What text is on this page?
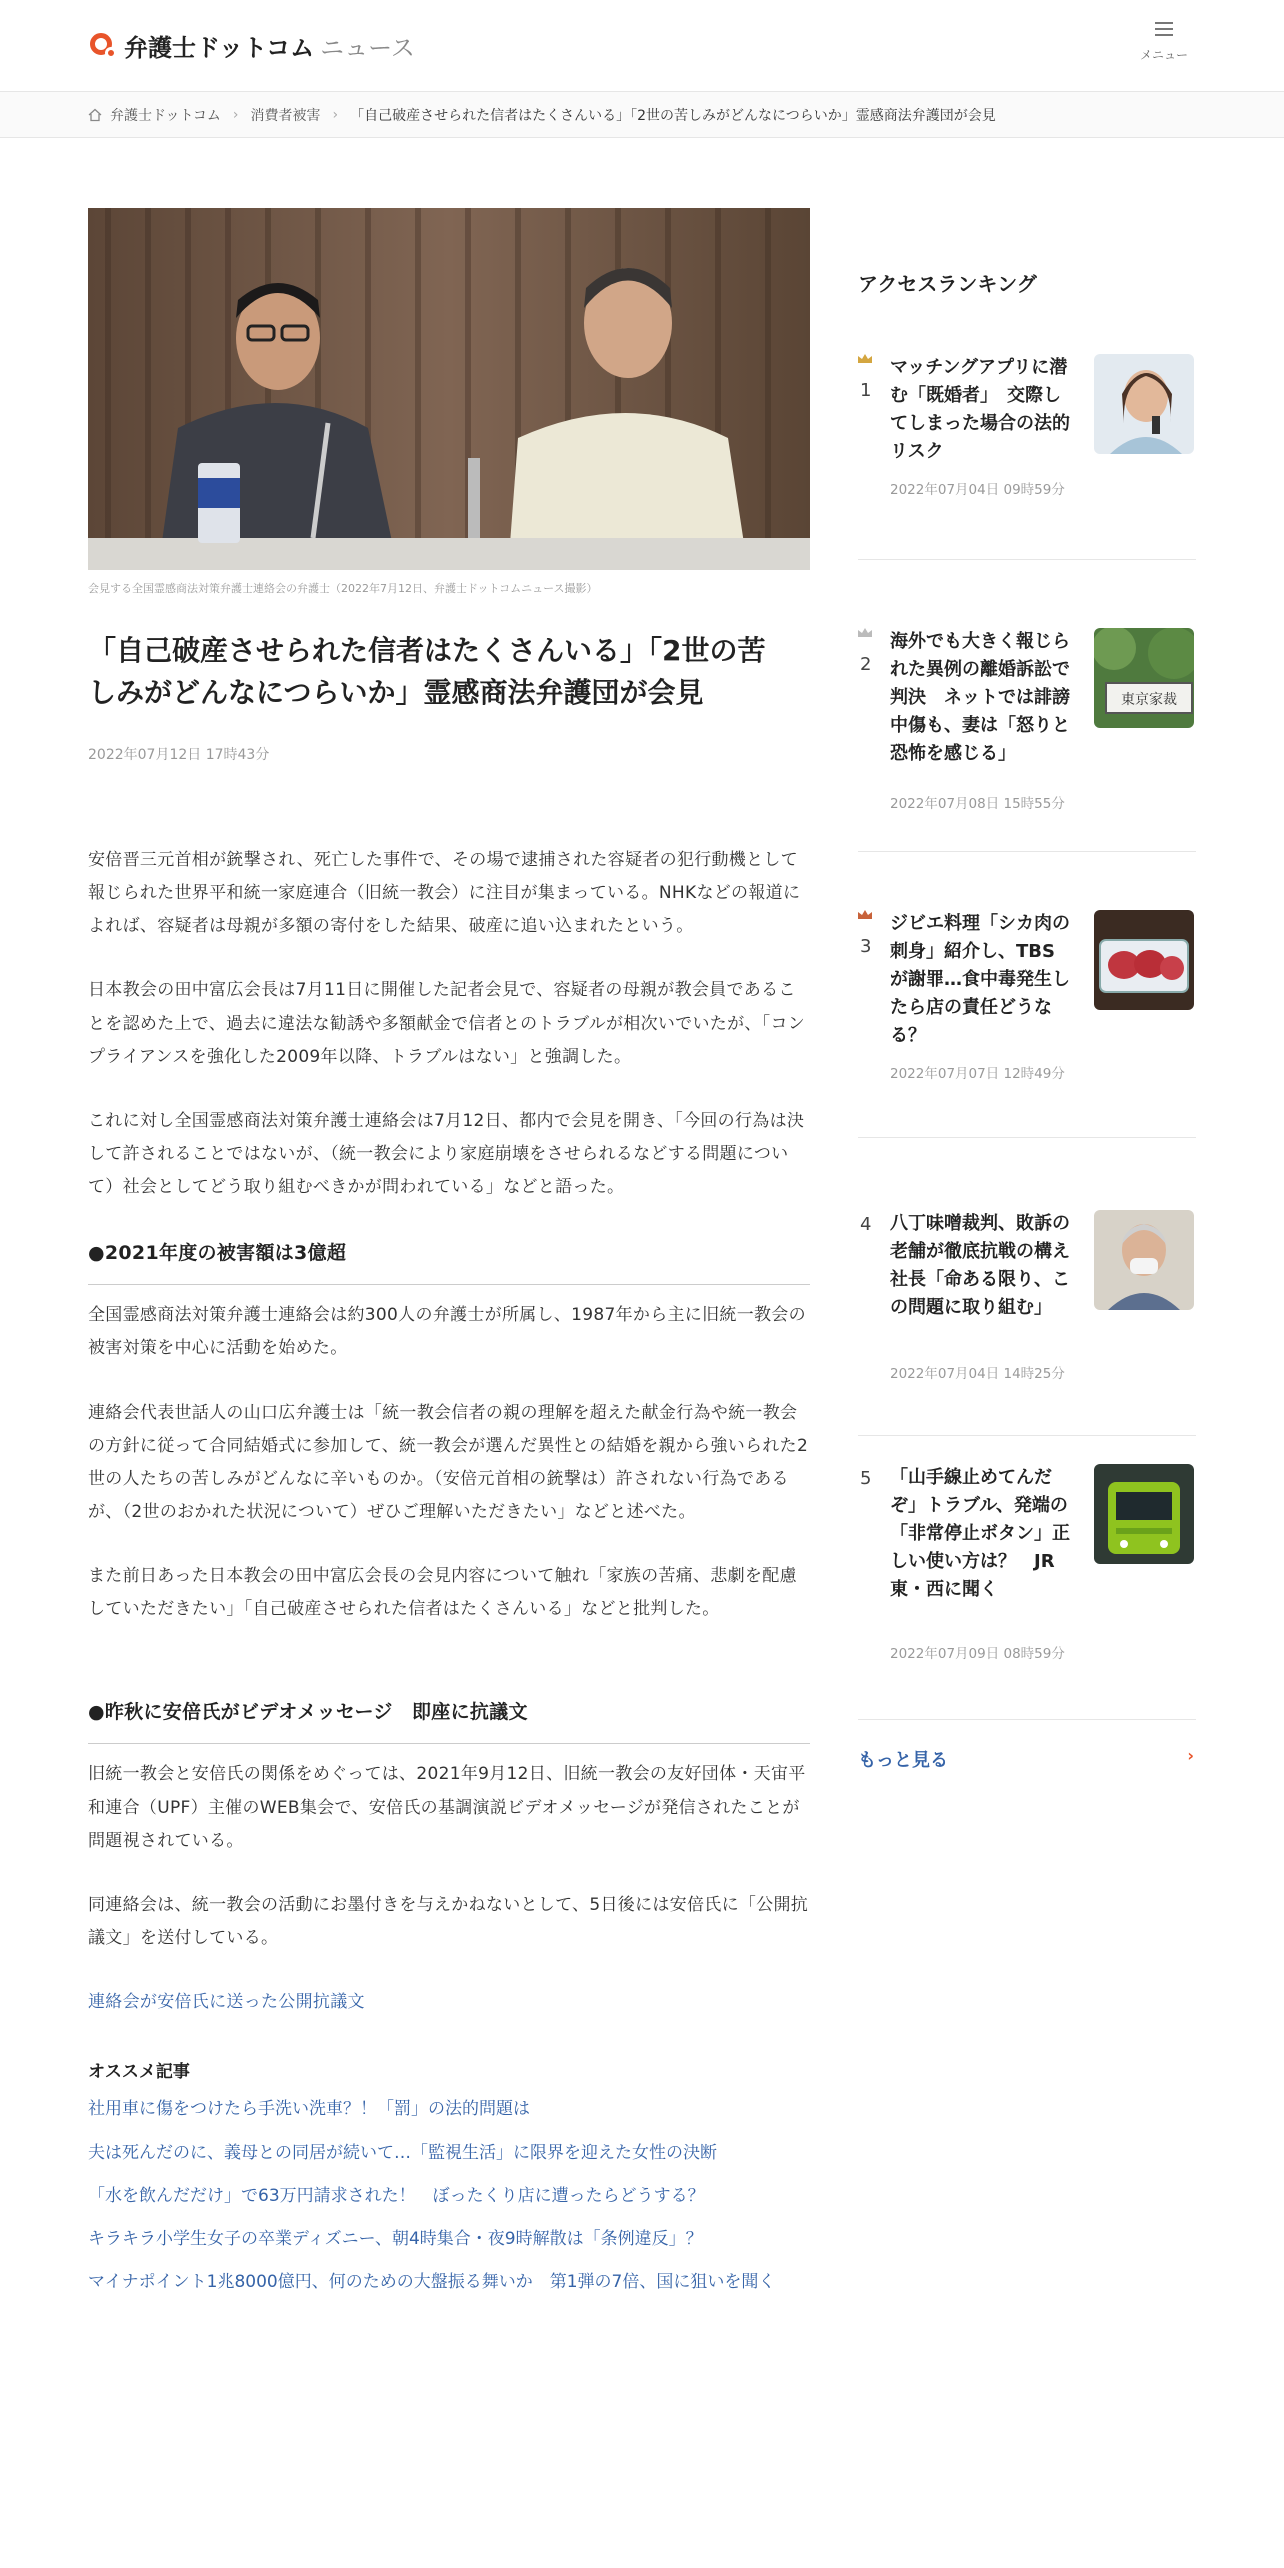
弁護士ドットコム ニュース	メニュー
弁護士ドットコム › 消費者被害 › 「自己破産させられた信者はたくさんいる」「2世の苦しみがどんなにつらいか」霊感商法弁護団が会見

会見する全国霊感商法対策弁護士連絡会の弁護士（2022年7月12日、弁護士ドットコムニュース撮影）

「自己破産させられた信者はたくさんいる」「2世の苦
しみがどんなにつらいか」霊感商法弁護団が会見

2022年07月12日 17時43分

安倍晋三元首相が銃撃され、死亡した事件で、その場で逮捕された容疑者の犯行動機として報じられた世界平和統一家庭連合（旧統一教会）に注目が集まっている。NHKなどの報道によれば、容疑者は母親が多額の寄付をした結果、破産に追い込まれたという。

日本教会の田中富広会長は7月11日に開催した記者会見で、容疑者の母親が教会員であることを認めた上で、過去に違法な勧誘や多額献金で信者とのトラブルが相次いでいたが、「コンプライアンスを強化した2009年以降、トラブルはない」と強調した。

これに対し全国霊感商法対策弁護士連絡会は7月12日、都内で会見を開き、「今回の行為は決して許されることではないが、（統一教会により家庭崩壊をさせられるなどする問題について）社会としてどう取り組むべきかが問われている」などと語った。

●2021年度の被害額は3億超

全国霊感商法対策弁護士連絡会は約300人の弁護士が所属し、1987年から主に旧統一教会の被害対策を中心に活動を始めた。

連絡会代表世話人の山口広弁護士は「統一教会信者の親の理解を超えた献金行為や統一教会の方針に従って合同結婚式に参加して、統一教会が選んだ異性との結婚を親から強いられた2世の人たちの苦しみがどんなに辛いものか。（安倍元首相の銃撃は）許されない行為であるが、（2世のおかれた状況について）ぜひご理解いただきたい」などと述べた。

また前日あった日本教会の田中富広会長の会見内容について触れ「家族の苦痛、悲劇を配慮していただきたい」「自己破産させられた信者はたくさんいる」などと批判した。

●昨秋に安倍氏がビデオメッセージ　即座に抗議文

旧統一教会と安倍氏の関係をめぐっては、2021年9月12日、旧統一教会の友好団体・天宙平和連合（UPF）主催のWEB集会で、安倍氏の基調演説ビデオメッセージが発信されたことが問題視されている。

同連絡会は、統一教会の活動にお墨付きを与えかねないとして、5日後には安倍氏に「公開抗議文」を送付している。

連絡会が安倍氏に送った公開抗議文

オススメ記事
社用車に傷をつけたら手洗い洗車？！「罰」の法的問題は
夫は死んだのに、義母との同居が続いて…「監視生活」に限界を迎えた女性の決断
「水を飲んだだけ」で63万円請求された！　ぼったくり店に遭ったらどうする？
キラキラ小学生女子の卒業ディズニー、朝4時集合・夜9時解散は「条例違反」？
マイナポイント1兆8000億円、何のための大盤振る舞いか　第1弾の7倍、国に狙いを聞く
アクセスランキング
1
マッチングアプリに潜む「既婚者」　交際してしまった場合の法的リスク
2022年07月04日 09時59分
2
海外でも大きく報じられた異例の離婚訴訟で判決　ネットでは誹謗中傷も、妻は「怒りと恐怖を感じる」
2022年07月08日 15時55分
東京家裁
3
ジビエ料理「シカ肉の刺身」紹介し、TBSが謝罪…食中毒発生したら店の責任どうなる？
2022年07月07日 12時49分
4 八丁味噌裁判、敗訴の老舗が徹底抗戦の構え　社長「命ある限り、この問題に取り組む」
2022年07月04日 14時25分
5 「山手線止めてんだぞ」トラブル、発端の「非常停止ボタン」正しい使い方は？　JR東・西に聞く
2022年07月09日 08時59分
もっと見る	›
